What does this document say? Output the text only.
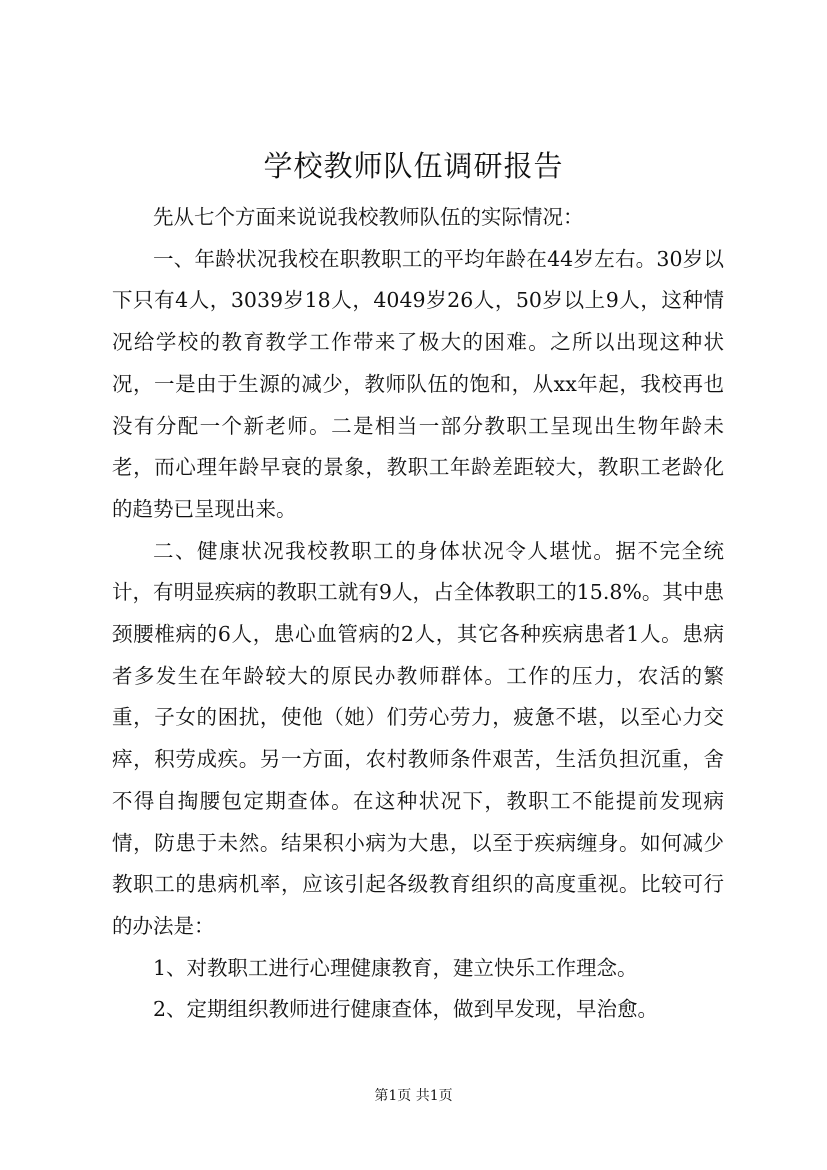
学校教师队伍调研报告

先从七个方面来说说我校教师队伍的实际情况：

一、年龄状况我校在职教职工的平均年龄在44岁左右。30岁以下只有4人，3039岁18人，4049岁26人，50岁以上9人，这种情况给学校的教育教学工作带来了极大的困难。之所以出现这种状况，一是由于生源的减少，教师队伍的饱和，从xx年起，我校再也没有分配一个新老师。二是相当一部分教职工呈现出生物年龄未老，而心理年龄早衰的景象，教职工年龄差距较大，教职工老龄化的趋势已呈现出来。

二、健康状况我校教职工的身体状况令人堪忧。据不完全统计，有明显疾病的教职工就有9人，占全体教职工的15.8%。其中患颈腰椎病的6人，患心血管病的2人，其它各种疾病患者1人。患病者多发生在年龄较大的原民办教师群体。工作的压力，农活的繁重，子女的困扰，使他（她）们劳心劳力，疲惫不堪，以至心力交瘁，积劳成疾。另一方面，农村教师条件艰苦，生活负担沉重，舍不得自掏腰包定期查体。在这种状况下，教职工不能提前发现病情，防患于未然。结果积小病为大患，以至于疾病缠身。如何减少教职工的患病机率，应该引起各级教育组织的高度重视。比较可行的办法是：

1、对教职工进行心理健康教育，建立快乐工作理念。

2、定期组织教师进行健康查体，做到早发现，早治愈。

第1页 共1页
